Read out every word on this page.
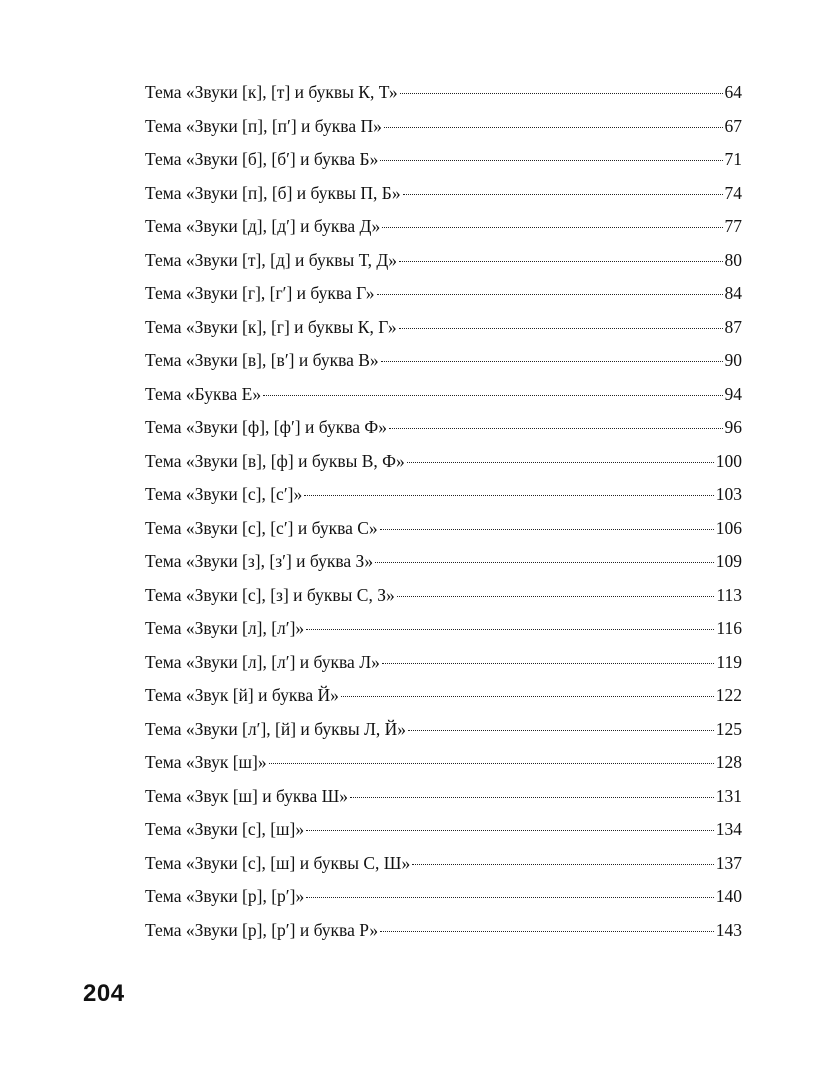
Тема «Звуки [к], [т] и буквы К, Т»	64
Тема «Звуки [п], [п′] и буква П»	67
Тема «Звуки [б], [б′] и буква Б»	71
Тема «Звуки [п], [б] и буквы П, Б»	74
Тема «Звуки [д], [д′] и буква Д»	77
Тема «Звуки [т], [д] и буквы Т, Д»	80
Тема «Звуки [г], [г′] и буква Г»	84
Тема «Звуки [к], [г] и буквы К, Г»	87
Тема «Звуки [в], [в′] и буква В»	90
Тема «Буква Е»	94
Тема «Звуки [ф], [ф′] и буква Ф»	96
Тема «Звуки [в], [ф] и буквы В, Ф»	100
Тема «Звуки [с], [с′]»	103
Тема «Звуки [с], [с′] и буква С»	106
Тема «Звуки [з], [з′] и буква З»	109
Тема «Звуки [с], [з] и буквы С, З»	113
Тема «Звуки [л], [л′]»	116
Тема «Звуки [л], [л′] и буква Л»	119
Тема «Звук [й] и буква Й»	122
Тема «Звуки [л′], [й] и буквы Л, Й»	125
Тема «Звук [ш]»	128
Тема «Звук [ш] и буква Ш»	131
Тема «Звуки [с], [ш]»	134
Тема «Звуки [с], [ш] и буквы С, Ш»	137
Тема «Звуки [р], [р′]»	140
Тема «Звуки [р], [р′] и буква Р»	143
204
